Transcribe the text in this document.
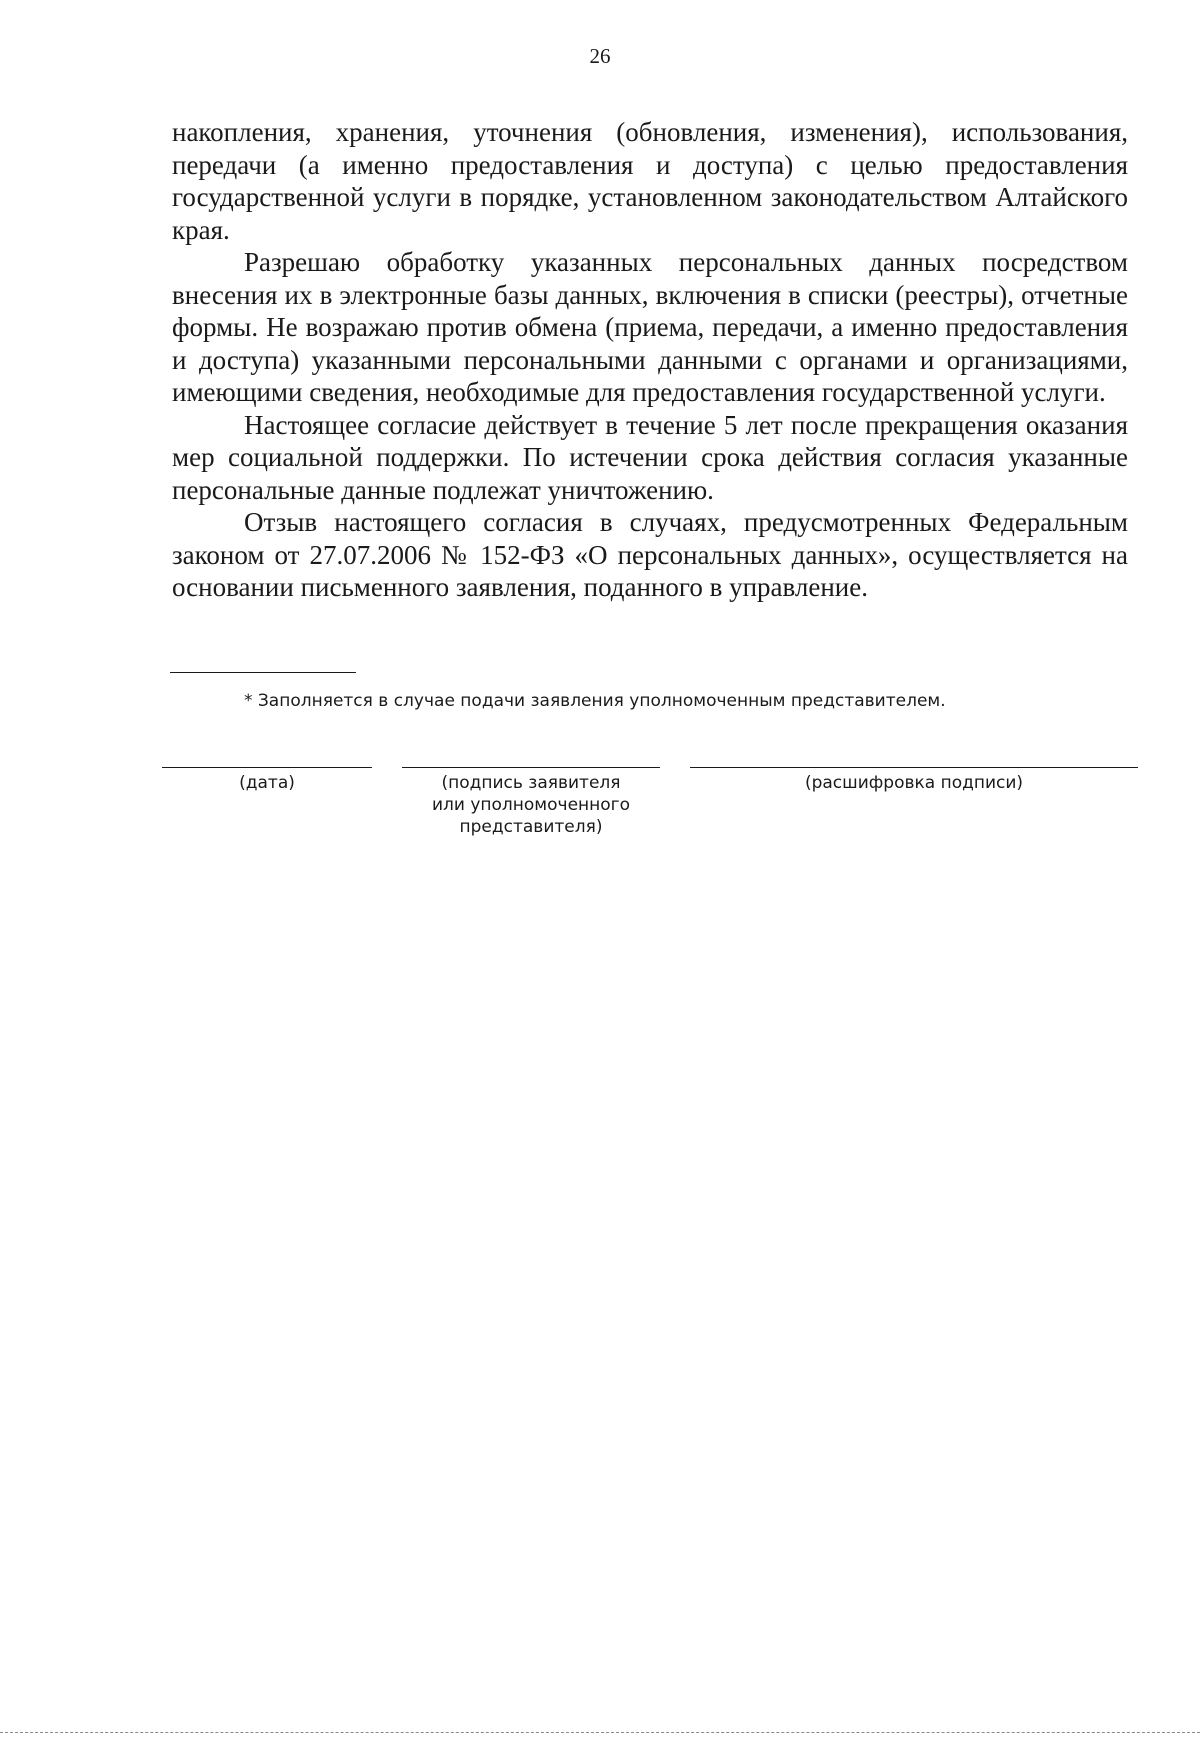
26

накопления, хранения, уточнения (обновления, изменения), использования, передачи (а именно предоставления и доступа) с целью предоставления государственной услуги в порядке, установленном законодательством Алтайского края.

Разрешаю обработку указанных персональных данных посредством внесения их в электронные базы данных, включения в списки (реестры), отчетные формы. Не возражаю против обмена (приема, передачи, а именно предоставления и доступа) указанными персональными данными с органами и организациями, имеющими сведения, необходимые для предоставления государственной услуги.

Настоящее согласие действует в течение 5 лет после прекращения оказания мер социальной поддержки. По истечении срока действия согласия указанные персональные данные подлежат уничтожению.

Отзыв настоящего согласия в случаях, предусмотренных Федеральным законом от 27.07.2006 № 152-ФЗ «О персональных данных», осуществляется на основании письменного заявления, поданного в управление.

* Заполняется в случае подачи заявления уполномоченным представителем.
(дата)	(подпись заявителя
или уполномоченного
представителя)
(расшифровка подписи)
